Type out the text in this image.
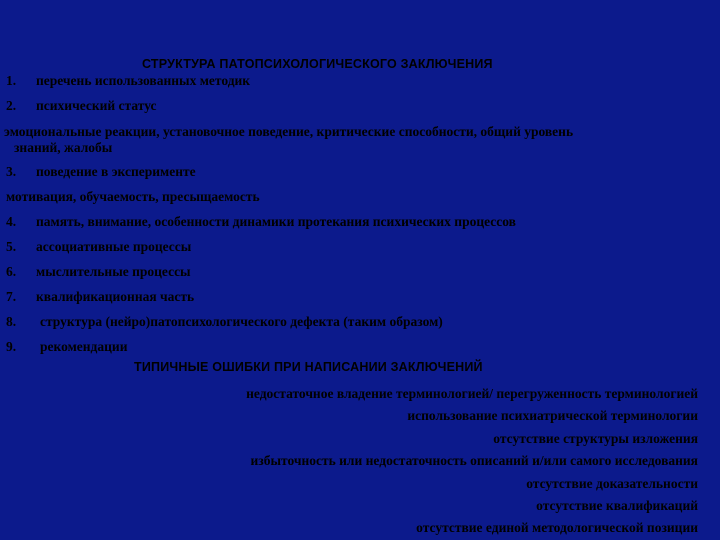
СТРУКТУРА ПАТОПСИХОЛОГИЧЕСКОГО ЗАКЛЮЧЕНИЯ
1. перечень использованных методик
2. психический статус
эмоциональные реакции, установочное поведение, критические способности, общий уровень
знаний, жалобы
3. поведение в эксперименте
мотивация, обучаемость, пресыщаемость
4. память, внимание, особенности динамики протекания психических процессов
5. ассоциативные процессы
6. мыслительные процессы
7. квалификационная часть
8. структура (нейро)патопсихологического дефекта (таким образом)
9. рекомендации
ТИПИЧНЫЕ ОШИБКИ ПРИ НАПИСАНИИ ЗАКЛЮЧЕНИЙ
недостаточное владение терминологией/ перегруженность терминологией
использование психиатрической терминологии
отсутствие структуры изложения
избыточность или недостаточность описаний и/или самого исследования
отсутствие доказательности
отсутствие квалификаций
отсутствие единой методологической позиции
